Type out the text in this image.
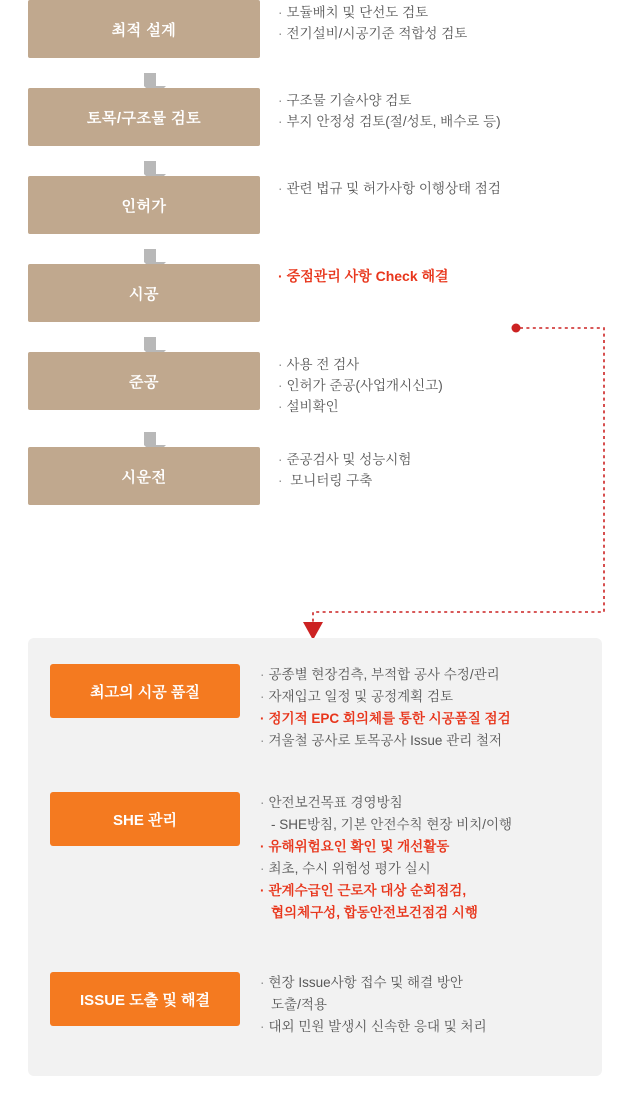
최적 설계
· 모듈배치 및 단선도 검토
· 전기설비/시공기준 적합성 검토
토목/구조물 검토
· 구조물 기술사양 검토
· 부지 안정성 검토(절/성토, 배수로 등)
인허가
· 관련 법규 및 허가사항 이행상태 점검
시공
· 중점관리 사항 Check 해결
준공
· 사용 전 검사
· 인허가 준공(사업개시신고)
· 설비확인
시운전
· 준공검사 및 성능시험
· 모니터링 구축
최고의 시공 품질
· 공종별 현장검측, 부적합 공사 수정/관리
· 자재입고 일정 및 공정계획 검토
· 정기적 EPC 회의체를 통한 시공품질 점검
· 겨울철 공사로 토목공사 Issue 관리 철저
SHE 관리
· 안전보건목표 경영방침
- SHE방침, 기본 안전수칙 현장 비치/이행
· 유해위험요인 확인 및 개선활동
· 최초, 수시 위험성 평가 실시
· 관계수급인 근로자 대상 순회점검,
협의체구성, 합동안전보건점검 시행
ISSUE 도출 및 해결
· 현장 Issue사항 접수 및 해결 방안
도출/적용
· 대외 민원 발생시 신속한 응대 및 처리
